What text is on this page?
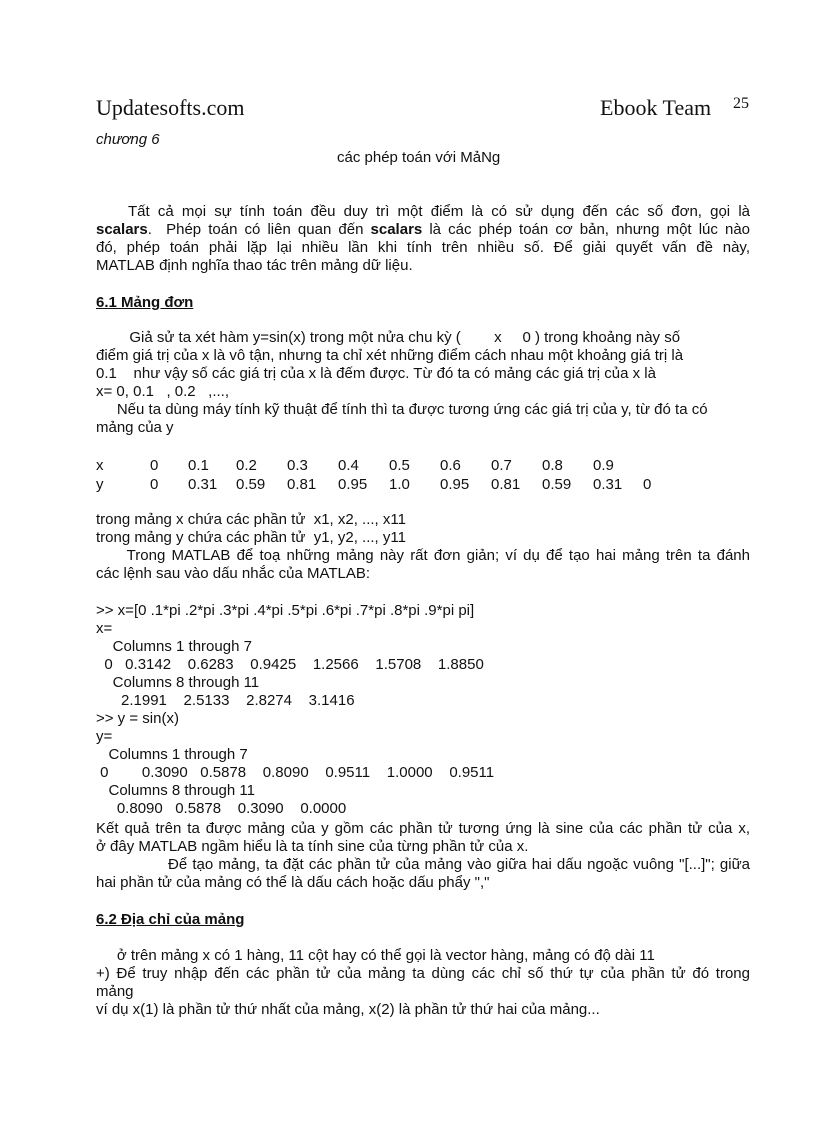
Updatesofts.com	Ebook Team 25
chương 6
các phép toán với MảNg
Tất cả mọi sự tính toán đều duy trì một điểm là có sử dụng đến các số đơn, gọi là
scalars.  Phép toán có liên quan đến scalars là các phép toán cơ bản, nhưng một lúc nào
đó, phép toán phải lặp lại nhiều lần khi tính trên nhiều số. Để giải quyết vấn đề này,
MATLAB định nghĩa thao tác trên mảng dữ liệu.
6.1 Mảng đơn
Giả sử ta xét hàm y=sin(x) trong một nửa chu kỳ (        x     0 ) trong khoảng này số
điểm giá trị của x là vô tận, nhưng ta chỉ xét những điểm cách nhau một khoảng giá trị là
0.1    như vậy số các giá trị của x là đếm được. Từ đó ta có mảng các giá trị của x là
x= 0, 0.1   , 0.2   ,...,
Nếu ta dùng máy tính kỹ thuật để tính thì ta được tương ứng các giá trị của y, từ đó ta có
mảng của y
x	0	0.1	0.2	0.3	0.4	0.5	0.6	0.7	0.8	0.9	
y	0	0.31	0.59	0.81	0.95	1.0	0.95	0.81	0.59	0.31	0
trong mảng x chứa các phần tử  x1, x2, ..., x11
trong mảng y chứa các phần tử  y1, y2, ..., y11
Trong MATLAB để toạ những mảng này rất đơn giản; ví dụ để tạo hai mảng trên ta đánh
các lệnh sau vào dấu nhắc của MATLAB:
>> x=[0 .1*pi .2*pi .3*pi .4*pi .5*pi .6*pi .7*pi .8*pi .9*pi pi]
x=
Columns 1 through 7
0   0.3142    0.6283    0.9425    1.2566    1.5708    1.8850
Columns 8 through 11
2.1991    2.5133    2.8274    3.1416
>> y = sin(x)
y=
Columns 1 through 7
0        0.3090   0.5878    0.8090    0.9511    1.0000    0.9511
Columns 8 through 11
0.8090   0.5878    0.3090    0.0000
Kết quả trên ta được mảng của y gồm các phần tử tương ứng là sine của các phần tử của x,
ở đây MATLAB ngầm hiểu là ta tính sine của từng phần tử của x.
Để tạo mảng, ta đặt các phần tử của mảng vào giữa hai dấu ngoặc vuông "[...]"; giữa
hai phần tử của mảng có thể là dấu cách hoặc dấu phẩy ","
6.2 Địa chỉ của mảng
ở trên mảng x có 1 hàng, 11 cột hay có thể gọi là vector hàng, mảng có độ dài 11
+) Để truy nhập đến các phần tử của mảng ta dùng các chỉ số thứ tự của phần tử đó trong
mảng
ví dụ x(1) là phần tử thứ nhất của mảng, x(2) là phần tử thứ hai của mảng...
